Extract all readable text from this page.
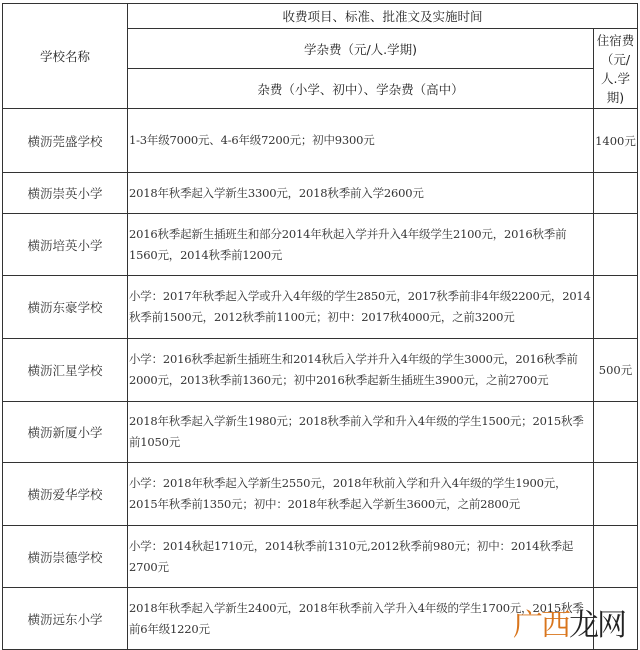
学校名称	收费项目、标准、批准文及实施时间	
	学杂费（元/人.学期)	住宿费（元/人.学期)
	杂费（小学、初中）、学杂费（高中）	
横沥莞盛学校	1-3年级7000元、4-6年级7200元；初中9300元	1400元
横沥崇英小学	2018年秋季起入学新生3300元，2018秋季前入学2600元	
横沥培英小学	2016秋季起新生插班生和部分2014年秋起入学并升入4年级学生2100元，2016秋季前1560元，2014秋季前1200元	
横沥东豪学校	小学：2017年秋季起入学或升入4年级的学生2850元，2017秋季前非4年级2200元，2014秋季前1500元，2012秋季前1100元；初中：2017秋4000元，之前3200元	
横沥汇星学校	小学：2016秋季起新生插班生和2014秋后入学并升入4年级的学生3000元，2016秋季前2000元，2013秋季前1360元；初中2016秋季起新生插班生3900元，之前2700元	500元
横沥新厦小学	2018年秋季起入学新生1980元；2018秋季前入学和升入4年级的学生1500元；2015秋季前1050元	
横沥爱华学校	小学：2018年秋季起入学新生2550元，2018年秋前入学和升入4年级的学生1900元，2015年秋季前1350元；初中：2018年秋季起入学新生3600元，之前2800元	
横沥崇德学校	小学：2014秋起1710元，2014秋季前1310元,2012秋季前980元；初中：2014秋季起2700元	
横沥远东小学	2018年秋季起入学新生2400元，2018年秋季前入学升入4年级的学生1700元，2015秋季前6年级1220元		广西龙网
